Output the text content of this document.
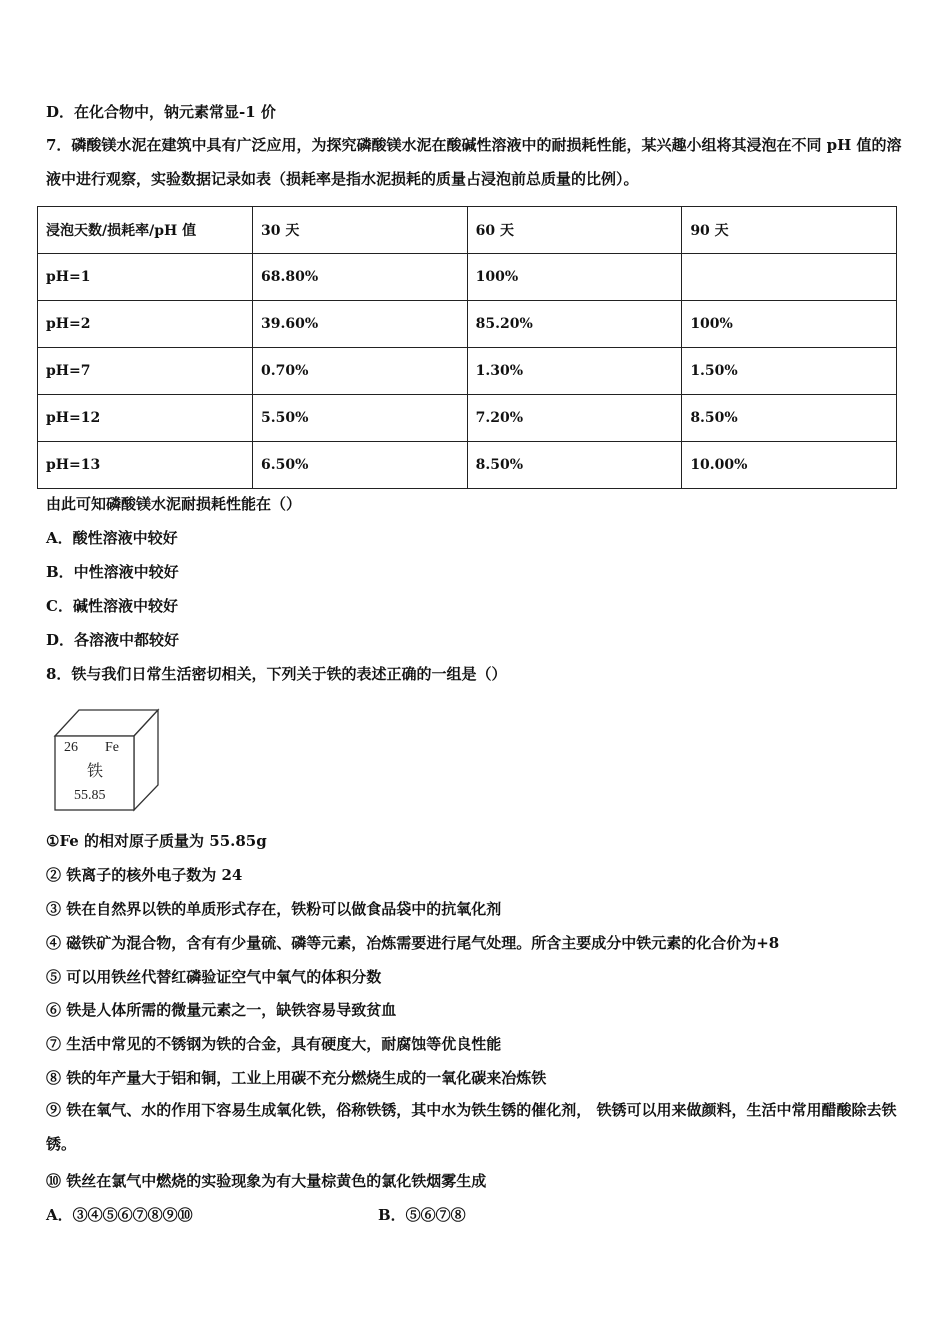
D．在化合物中，钠元素常显-1 价
7．磷酸镁水泥在建筑中具有广泛应用，为探究磷酸镁水泥在酸碱性溶液中的耐损耗性能，某兴趣小组将其浸泡在不同 pH 值的溶液中进行观察，实验数据记录如表（损耗率是指水泥损耗的质量占浸泡前总质量的比例）。
浸泡天数/损耗率/pH 值	30 天	60 天	90 天
pH=1	68.80%	100%	
pH=2	39.60%	85.20%	100%
pH=7	0.70%	1.30%	1.50%
pH=12	5.50%	7.20%	8.50%
pH=13	6.50%	8.50%	10.00%
由此可知磷酸镁水泥耐损耗性能在（）
A．酸性溶液中较好
B．中性溶液中较好
C．碱性溶液中较好
D．各溶液中都较好
8．铁与我们日常生活密切相关，下列关于铁的表述正确的一组是（）
26 Fe
铁
55.85
①Fe 的相对原子质量为 55.85g
② 铁离子的核外电子数为 24
③ 铁在自然界以铁的单质形式存在，铁粉可以做食品袋中的抗氧化剂
④ 磁铁矿为混合物，含有有少量硫、磷等元素，冶炼需要进行尾气处理。所含主要成分中铁元素的化合价为+8
⑤ 可以用铁丝代替红磷验证空气中氧气的体积分数
⑥ 铁是人体所需的微量元素之一，缺铁容易导致贫血
⑦ 生活中常见的不锈钢为铁的合金，具有硬度大，耐腐蚀等优良性能
⑧ 铁的年产量大于铝和铜，工业上用碳不充分燃烧生成的一氧化碳来冶炼铁
⑨ 铁在氧气、水的作用下容易生成氧化铁，俗称铁锈，其中水为铁生锈的催化剂， 铁锈可以用来做颜料，生活中常用醋酸除去铁锈。
⑩ 铁丝在氯气中燃烧的实验现象为有大量棕黄色的氯化铁烟雾生成
A．③④⑤⑥⑦⑧⑨⑩	B．⑤⑥⑦⑧
